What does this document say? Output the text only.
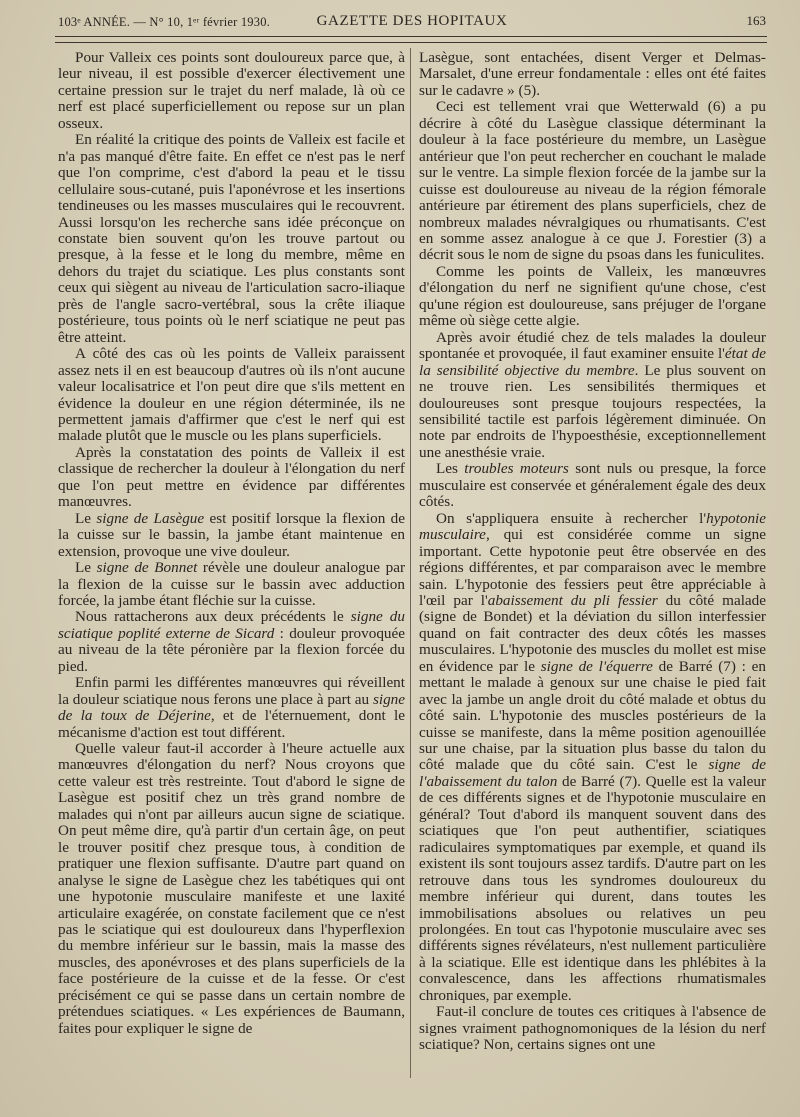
103ᵉ ANNÉE. — N° 10, 1ᵉʳ février 1930.	GAZETTE DES HOPITAUX	163

Pour Valleix ces points sont douloureux parce que, à leur niveau, il est possible d'exercer électivement une certaine pression sur le trajet du nerf malade, là où ce nerf est placé superficiellement ou repose sur un plan osseux.

En réalité la critique des points de Valleix est facile et n'a pas manqué d'être faite. En effet ce n'est pas le nerf que l'on comprime, c'est d'abord la peau et le tissu cellulaire sous-cutané, puis l'aponévrose et les insertions tendineuses ou les masses musculaires qui le recouvrent. Aussi lorsqu'on les recherche sans idée préconçue on constate bien souvent qu'on les trouve partout ou presque, à la fesse et le long du membre, même en dehors du trajet du sciatique. Les plus constants sont ceux qui siègent au niveau de l'articulation sacro-iliaque près de l'angle sacro-vertébral, sous la crête iliaque postérieure, tous points où le nerf sciatique ne peut pas être atteint.

A côté des cas où les points de Valleix paraissent assez nets il en est beaucoup d'autres où ils n'ont aucune valeur localisatrice et l'on peut dire que s'ils mettent en évidence la douleur en une région déterminée, ils ne permettent jamais d'affirmer que c'est le nerf qui est malade plutôt que le muscle ou les plans superficiels.

Après la constatation des points de Valleix il est classique de rechercher la douleur à l'élongation du nerf que l'on peut mettre en évidence par différentes manœuvres.

Le signe de Lasègue est positif lorsque la flexion de la cuisse sur le bassin, la jambe étant maintenue en extension, provoque une vive douleur.

Le signe de Bonnet révèle une douleur analogue par la flexion de la cuisse sur le bassin avec adduction forcée, la jambe étant fléchie sur la cuisse.

Nous rattacherons aux deux précédents le signe du sciatique poplité externe de Sicard : douleur provoquée au niveau de la tête péronière par la flexion forcée du pied.

Enfin parmi les différentes manœuvres qui réveillent la douleur sciatique nous ferons une place à part au signe de la toux de Déjerine, et de l'éternuement, dont le mécanisme d'action est tout différent.

Quelle valeur faut-il accorder à l'heure actuelle aux manœuvres d'élongation du nerf? Nous croyons que cette valeur est très restreinte. Tout d'abord le signe de Lasègue est positif chez un très grand nombre de malades qui n'ont par ailleurs aucun signe de sciatique. On peut même dire, qu'à partir d'un certain âge, on peut le trouver positif chez presque tous, à condition de pratiquer une flexion suffisante. D'autre part quand on analyse le signe de Lasègue chez les tabétiques qui ont une hypotonie musculaire manifeste et une laxité articulaire exagérée, on constate facilement que ce n'est pas le sciatique qui est douloureux dans l'hyperflexion du membre inférieur sur le bassin, mais la masse des muscles, des aponévroses et des plans superficiels de la face postérieure de la cuisse et de la fesse. Or c'est précisément ce qui se passe dans un certain nombre de prétendues sciatiques. « Les expériences de Baumann, faites pour expliquer le signe de

Lasègue, sont entachées, disent Verger et Delmas-Marsalet, d'une erreur fondamentale : elles ont été faites sur le cadavre » (5).

Ceci est tellement vrai que Wetterwald (6) a pu décrire à côté du Lasègue classique déterminant la douleur à la face postérieure du membre, un Lasègue antérieur que l'on peut rechercher en couchant le malade sur le ventre. La simple flexion forcée de la jambe sur la cuisse est douloureuse au niveau de la région fémorale antérieure par étirement des plans superficiels, chez de nombreux malades névralgiques ou rhumatisants. C'est en somme assez analogue à ce que J. Forestier (3) a décrit sous le nom de signe du psoas dans les funiculites.

Comme les points de Valleix, les manœuvres d'élongation du nerf ne signifient qu'une chose, c'est qu'une région est douloureuse, sans préjuger de l'organe même où siège cette algie.

Après avoir étudié chez de tels malades la douleur spontanée et provoquée, il faut examiner ensuite l'état de la sensibilité objective du membre. Le plus souvent on ne trouve rien. Les sensibilités thermiques et douloureuses sont presque toujours respectées, la sensibilité tactile est parfois légèrement diminuée. On note par endroits de l'hypoesthésie, exceptionnellement une anesthésie vraie.

Les troubles moteurs sont nuls ou presque, la force musculaire est conservée et généralement égale des deux côtés.

On s'appliquera ensuite à rechercher l'hypotonie musculaire, qui est considérée comme un signe important. Cette hypotonie peut être observée en des régions différentes, et par comparaison avec le membre sain. L'hypotonie des fessiers peut être appréciable à l'œil par l'abaissement du pli fessier du côté malade (signe de Bondet) et la déviation du sillon interfessier quand on fait contracter des deux côtés les masses musculaires. L'hypotonie des muscles du mollet est mise en évidence par le signe de l'équerre de Barré (7) : en mettant le malade à genoux sur une chaise le pied fait avec la jambe un angle droit du côté malade et obtus du côté sain. L'hypotonie des muscles postérieurs de la cuisse se manifeste, dans la même position agenouillée sur une chaise, par la situation plus basse du talon du côté malade que du côté sain. C'est le signe de l'abaissement du talon de Barré (7). Quelle est la valeur de ces différents signes et de l'hypotonie musculaire en général? Tout d'abord ils manquent souvent dans des sciatiques que l'on peut authentifier, sciatiques radiculaires symptomatiques par exemple, et quand ils existent ils sont toujours assez tardifs. D'autre part on les retrouve dans tous les syndromes douloureux du membre inférieur qui durent, dans toutes les immobilisations absolues ou relatives un peu prolongées. En tout cas l'hypotonie musculaire avec ses différents signes révélateurs, n'est nullement particulière à la sciatique. Elle est identique dans les phlébites à la convalescence, dans les affections rhumatismales chroniques, par exemple.

Faut-il conclure de toutes ces critiques à l'absence de signes vraiment pathognomoniques de la lésion du nerf sciatique? Non, certains signes ont une
